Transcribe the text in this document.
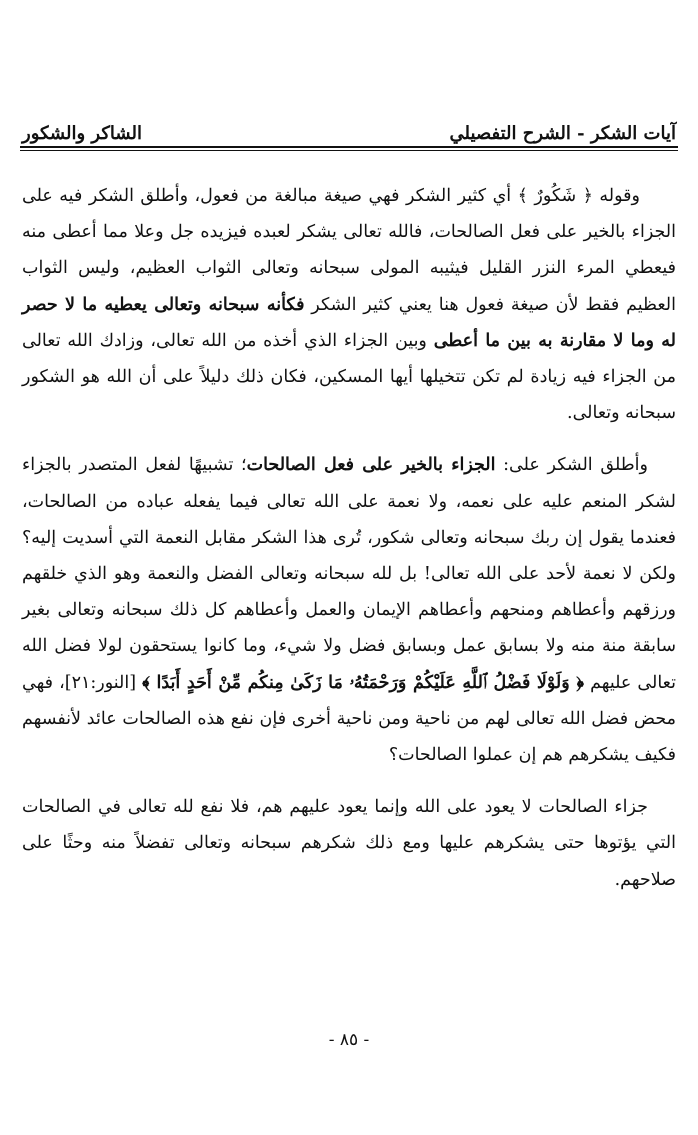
آيات الشكر - الشرح التفصيلي
الشاكر والشكور

وقوله ﴿ شَكُورٌ ﴾ أي كثير الشكر فهي صيغة مبالغة من فعول، وأطلق الشكر فيه على الجزاء بالخير على فعل الصالحات، فالله تعالى يشكر لعبده فيزيده جل وعلا مما أعطى منه فيعطي المرء النزر القليل فيثيبه المولى سبحانه وتعالى الثواب العظيم، وليس الثواب العظيم فقط لأن صيغة فعول هنا يعني كثير الشكر فكأنه سبحانه وتعالى يعطيه ما لا حصر له وما لا مقارنة به بين ما أعطى وبين الجزاء الذي أخذه من الله تعالى، وزادك الله تعالى من الجزاء فيه زيادة لم تكن تتخيلها أيها المسكين، فكان ذلك دليلاً على أن الله هو الشكور سبحانه وتعالى.

وأطلق الشكر على: الجزاء بالخير على فعل الصالحات؛ تشبيهًا لفعل المتصدر بالجزاء لشكر المنعم عليه على نعمه، ولا نعمة على الله تعالى فيما يفعله عباده من الصالحات، فعندما يقول إن ربك سبحانه وتعالى شكور، تُرى هذا الشكر مقابل النعمة التي أسديت إليه؟ ولكن لا نعمة لأحد على الله تعالى! بل لله سبحانه وتعالى الفضل والنعمة وهو الذي خلقهم ورزقهم وأعطاهم ومنحهم وأعطاهم الإيمان والعمل وأعطاهم كل ذلك سبحانه وتعالى بغير سابقة منة منه ولا بسابق عمل وبسابق فضل ولا شيء، وما كانوا يستحقون لولا فضل الله تعالى عليهم ﴿ وَلَوْلَا فَضْلُ ٱللَّهِ عَلَيْكُمْ وَرَحْمَتُهُۥ مَا زَكَىٰ مِنكُم مِّنْ أَحَدٍ أَبَدًا ﴾ [النور:٢١]، فهي محض فضل الله تعالى لهم من ناحية ومن ناحية أخرى فإن نفع هذه الصالحات عائد لأنفسهم فكيف يشكرهم هم إن عملوا الصالحات؟

جزاء الصالحات لا يعود على الله وإنما يعود عليهم هم، فلا نفع لله تعالى في الصالحات التي يؤتوها حتى يشكرهم عليها ومع ذلك شكرهم سبحانه وتعالى تفضلاً منه وحثًا على صلاحهم.

- ٨٥ -
